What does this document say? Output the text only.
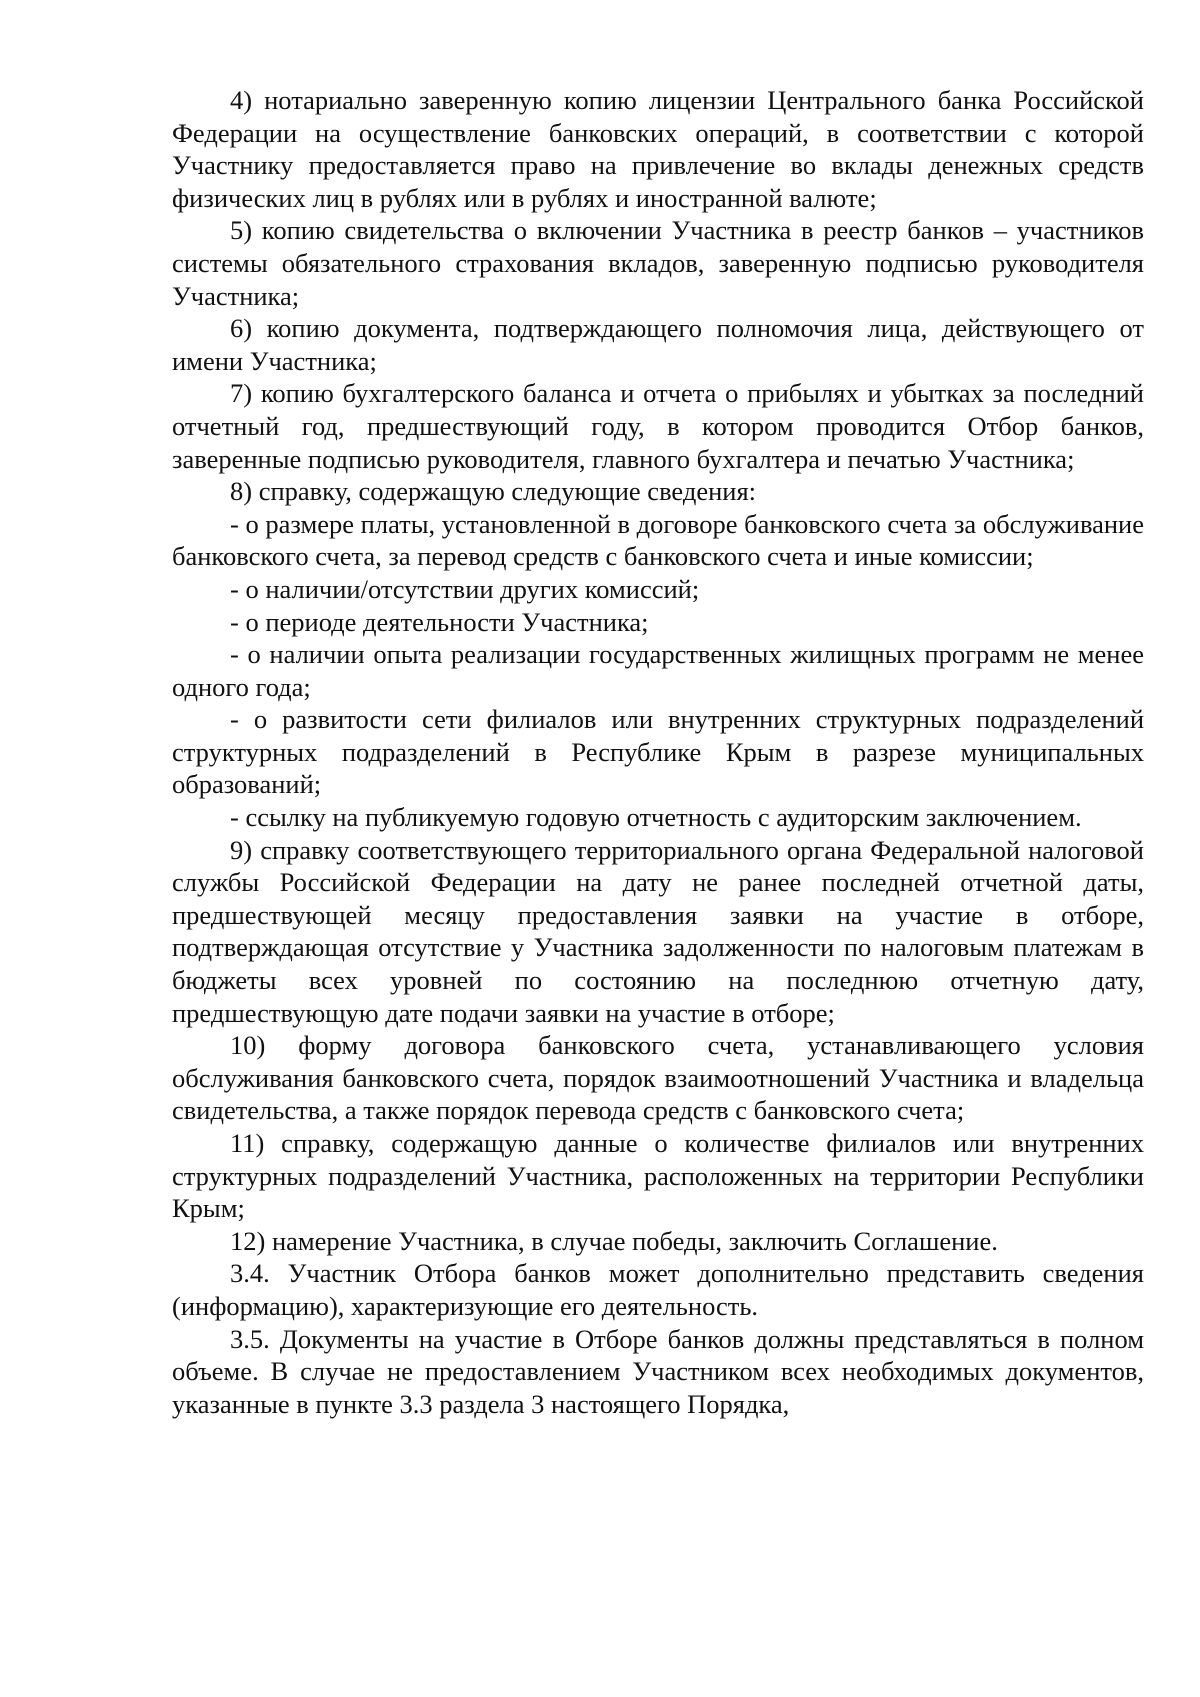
4) нотариально заверенную копию лицензии Центрального банка Российской Федерации на осуществление банковских операций, в соответствии с которой Участнику предоставляется право на привлечение во вклады денежных средств физических лиц в рублях или в рублях и иностранной валюте;

5) копию свидетельства о включении Участника в реестр банков – участников системы обязательного страхования вкладов, заверенную подписью руководителя Участника;

6) копию документа, подтверждающего полномочия лица, действующего от имени Участника;

7) копию бухгалтерского баланса и отчета о прибылях и убытках за последний отчетный год, предшествующий году, в котором проводится Отбор банков, заверенные подписью руководителя, главного бухгалтера и печатью Участника;

8) справку, содержащую следующие сведения:

- о размере платы, установленной в договоре банковского счета за обслуживание банковского счета, за перевод средств с банковского счета и иные комиссии;

- о наличии/отсутствии других комиссий;

- о периоде деятельности Участника;

- о наличии опыта реализации государственных жилищных программ не менее одного года;

- о развитости сети филиалов или внутренних структурных подразделений структурных подразделений в Республике Крым в разрезе муниципальных образований;

- ссылку на публикуемую годовую отчетность с аудиторским заключением.

9) справку соответствующего территориального органа Федеральной налоговой службы Российской Федерации на дату не ранее последней отчетной даты, предшествующей месяцу предоставления заявки на участие в отборе, подтверждающая отсутствие у Участника задолженности по налоговым платежам в бюджеты всех уровней по состоянию на последнюю отчетную дату, предшествующую дате подачи заявки на участие в отборе;

10) форму договора банковского счета, устанавливающего условия обслуживания банковского счета, порядок взаимоотношений Участника и владельца свидетельства, а также порядок перевода средств с банковского счета;

11) справку, содержащую данные о количестве филиалов или внутренних структурных подразделений Участника, расположенных на территории Республики Крым;

12) намерение Участника, в случае победы, заключить Соглашение.

3.4. Участник Отбора банков может дополнительно представить сведения (информацию), характеризующие его деятельность.

3.5. Документы на участие в Отборе банков должны представляться в полном объеме. В случае не предоставлением Участником всех необходимых документов, указанные в пункте 3.3 раздела 3 настоящего Порядка,
